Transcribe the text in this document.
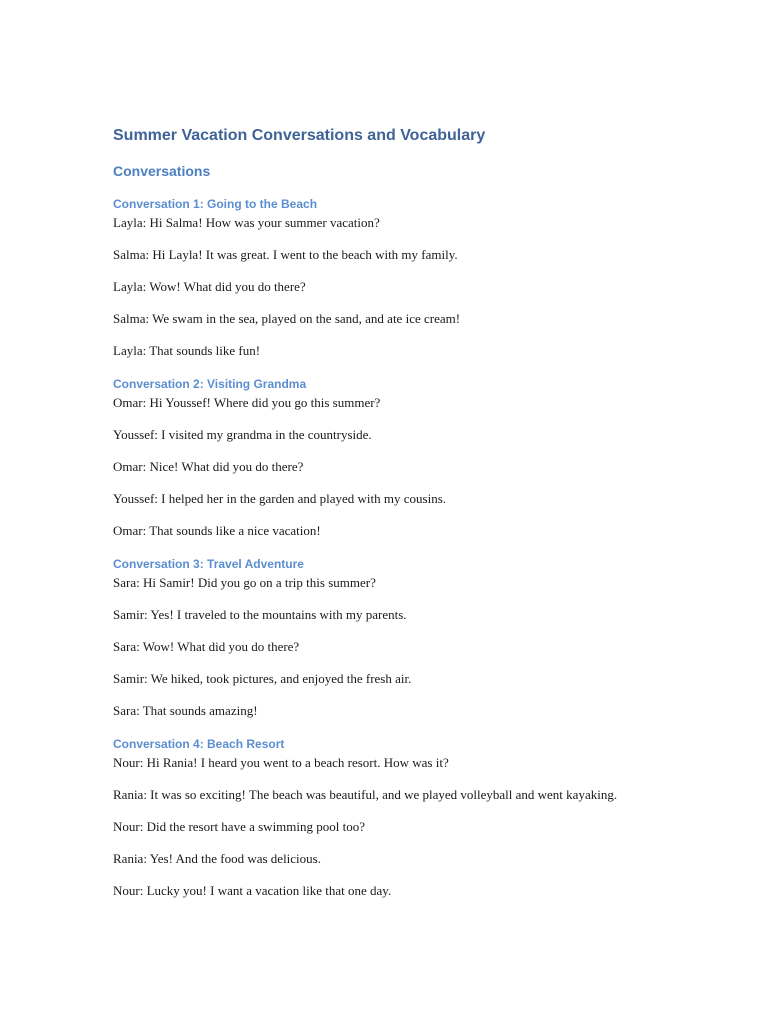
Summer Vacation Conversations and Vocabulary
Conversations
Conversation 1: Going to the Beach

Layla: Hi Salma! How was your summer vacation?

Salma: Hi Layla! It was great. I went to the beach with my family.

Layla: Wow! What did you do there?

Salma: We swam in the sea, played on the sand, and ate ice cream!

Layla: That sounds like fun!

Conversation 2: Visiting Grandma

Omar: Hi Youssef! Where did you go this summer?

Youssef: I visited my grandma in the countryside.

Omar: Nice! What did you do there?

Youssef: I helped her in the garden and played with my cousins.

Omar: That sounds like a nice vacation!

Conversation 3: Travel Adventure

Sara: Hi Samir! Did you go on a trip this summer?

Samir: Yes! I traveled to the mountains with my parents.

Sara: Wow! What did you do there?

Samir: We hiked, took pictures, and enjoyed the fresh air.

Sara: That sounds amazing!

Conversation 4: Beach Resort

Nour: Hi Rania! I heard you went to a beach resort. How was it?

Rania: It was so exciting! The beach was beautiful, and we played volleyball and went kayaking.

Nour: Did the resort have a swimming pool too?

Rania: Yes! And the food was delicious.

Nour: Lucky you! I want a vacation like that one day.
